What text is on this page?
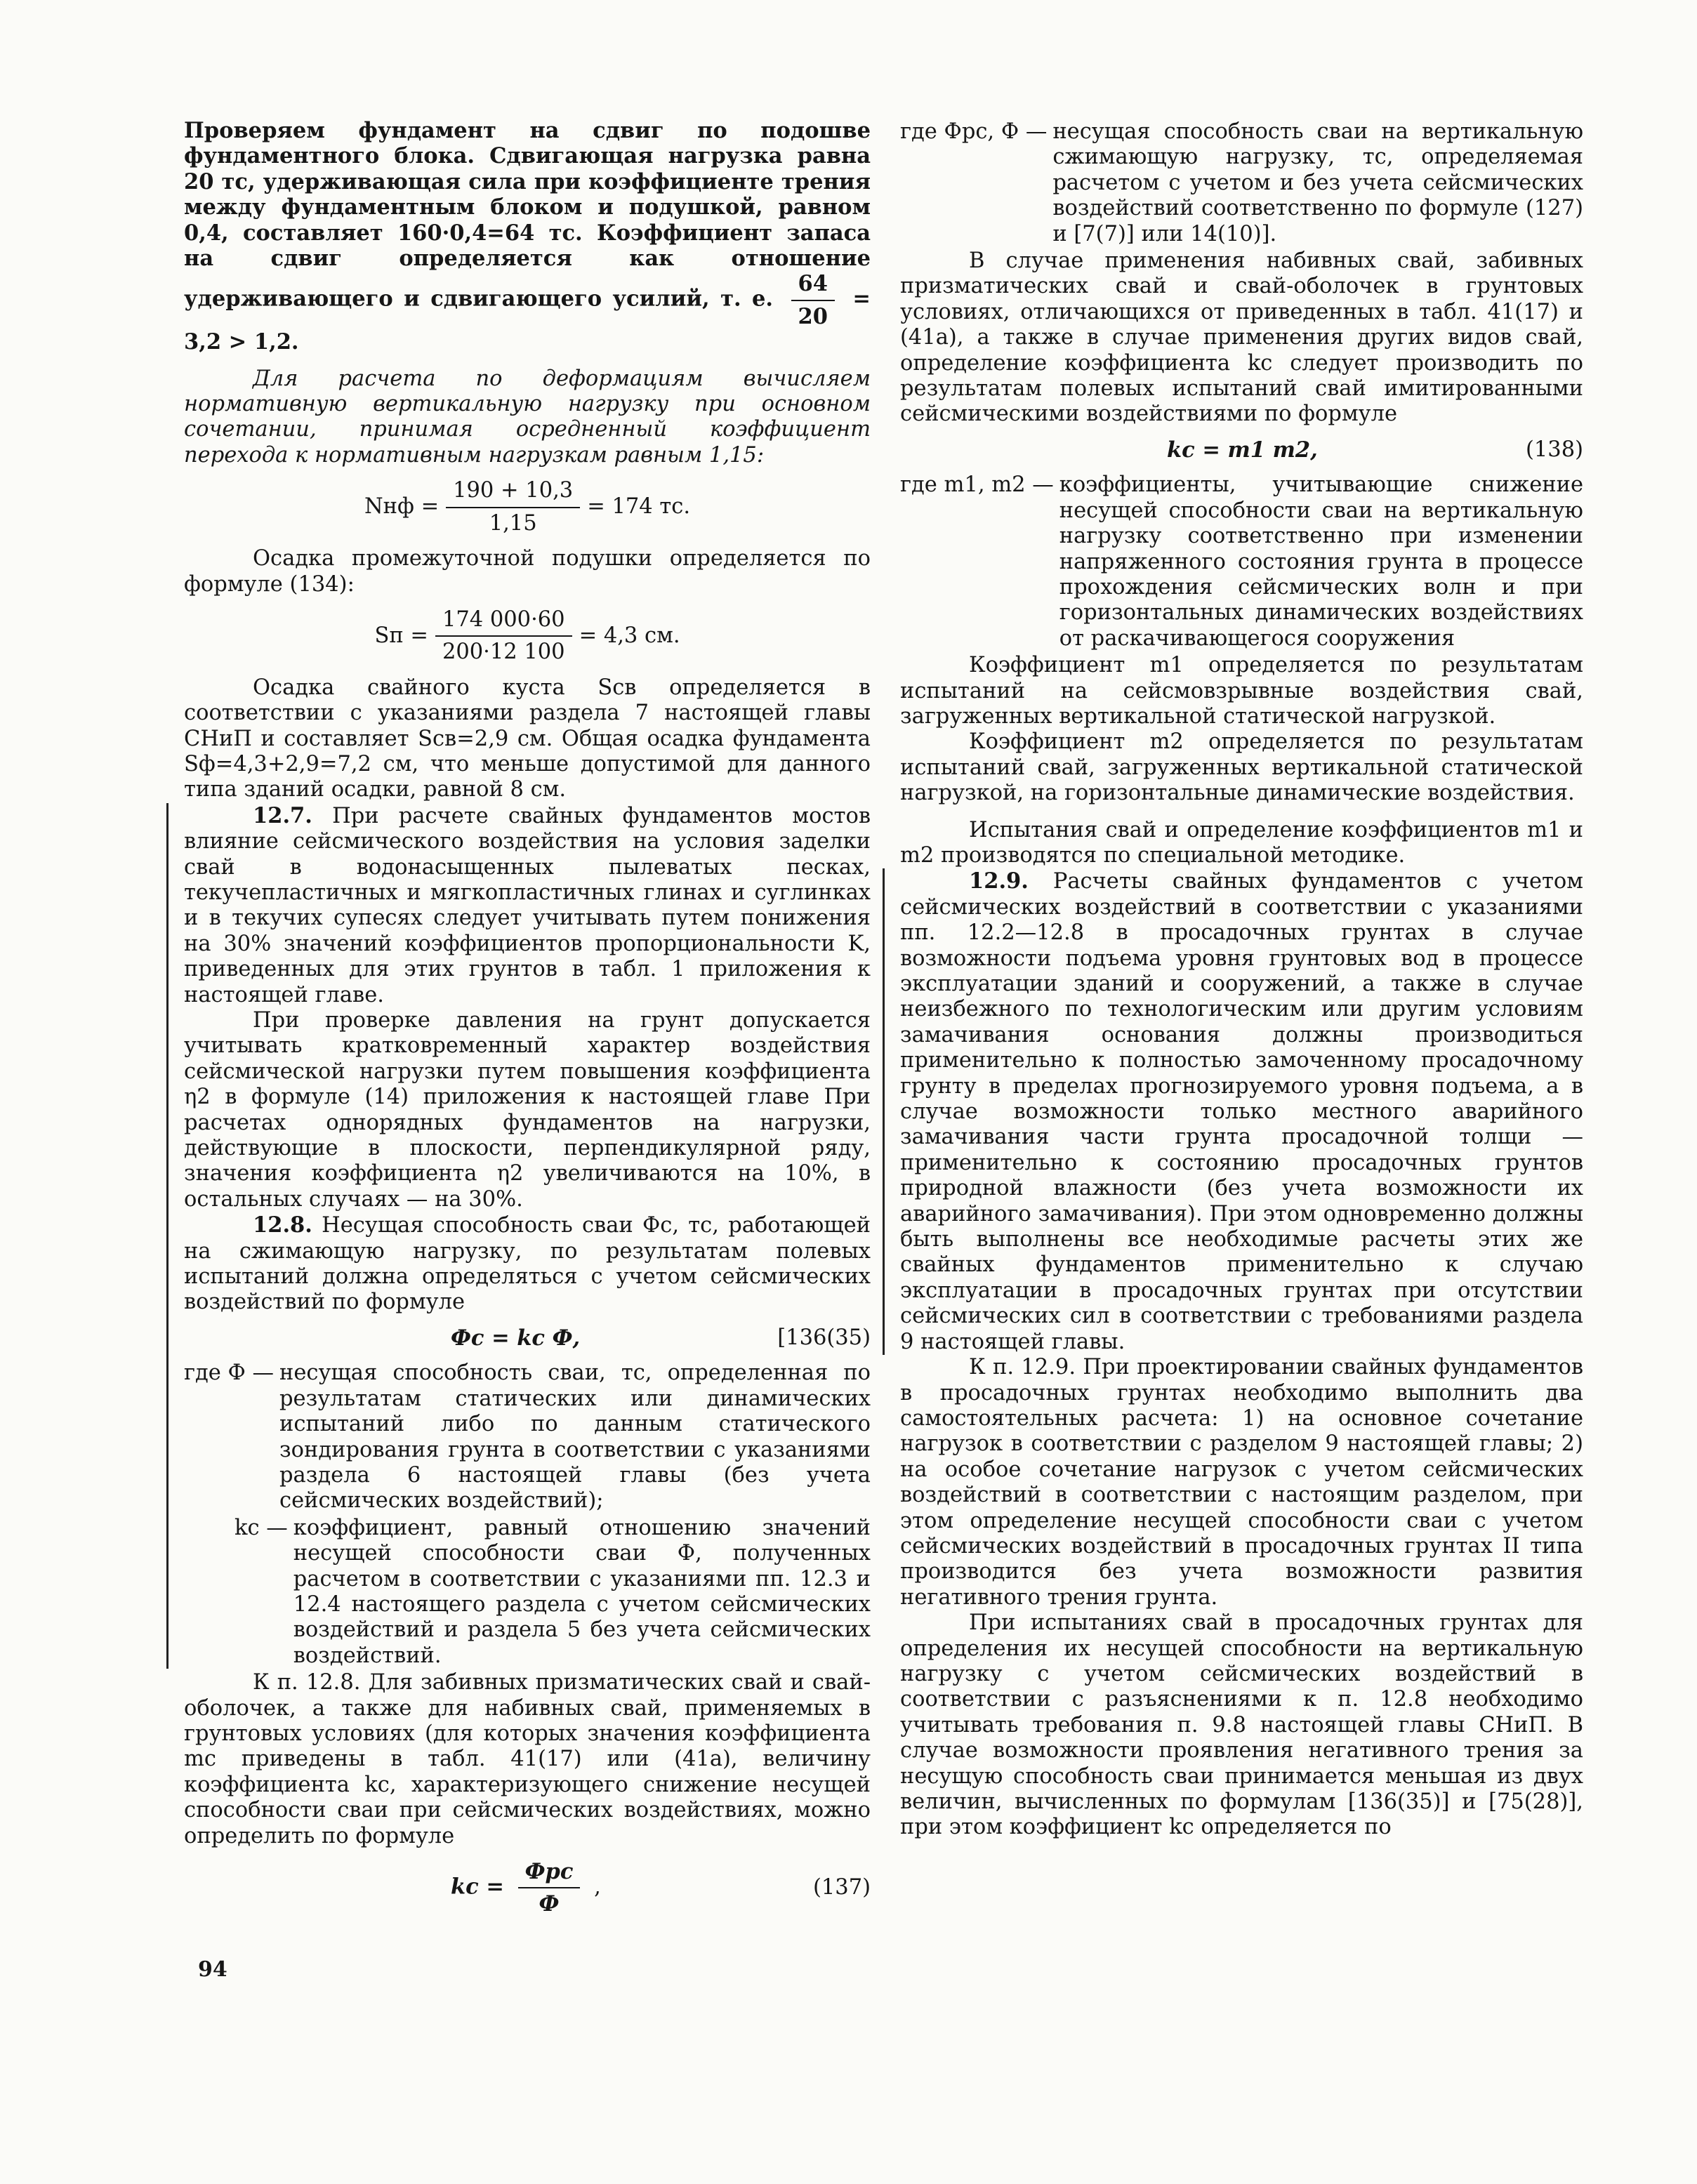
Проверяем фундамент на сдвиг по подошве фундаментного блока. Сдвигающая нагрузка равна 20 тс, удерживающая сила при коэффициенте трения между фундаментным блоком и подушкой, равном 0,4, составляет 160·0,4=64 тс. Коэффициент запаса на сдвиг определяется как отношение удерживающего и сдвигающего усилий, т. е. $\frac{64}{20} = 3,2 > 1,2$.

Для расчета по деформациям вычисляем нормативную вертикальную нагрузку при основном сочетании, принимая осредненный коэффициент перехода к нормативным нагрузкам равным 1,15:

Nнф = $\frac{190 + 10,3}{1,15} = 174$ тс.

Осадка промежуточной подушки определяется по формуле (134):

Sп = $\frac{174 000\cdot 60}{200\cdot 12 100} = 4,3$ см.

Осадка свайного куста Sсв определяется в соответствии с указаниями раздела 7 настоящей главы СНиП и составляет Sсв=2,9 см. Общая осадка фундамента Sф=4,3+2,9=7,2 см, что меньше допустимой для данного типа зданий осадки, равной 8 см.

12.7. При расчете свайных фундаментов мостов влияние сейсмического воздействия на условия заделки свай в водонасыщенных пылеватых песках, текучепластичных и мягкопластичных глинах и суглинках и в текучих супесях следует учитывать путем понижения на 30% значений коэффициентов пропорциональности K, приведенных для этих грунтов в табл. 1 приложения к настоящей главе.

При проверке давления на грунт допускается учитывать кратковременный характер воздействия сейсмической нагрузки путем повышения коэффициента η2 в формуле (14) приложения к настоящей главе При расчетах однорядных фундаментов на нагрузки, действующие в плоскости, перпендикулярной ряду, значения коэффициента η2 увеличиваются на 10%, в остальных случаях — на 30%.

12.8. Несущая способность сваи Фс, тс, работающей на сжимающую нагрузку, по результатам полевых испытаний должна определяться с учетом сейсмических воздействий по формуле

Фс = kс Ф,	[136(35)
где Ф — несущая способность сваи, тс, определенная по результатам статических или динамических испытаний либо по данным статического зондирования грунта в соответствии с указаниями раздела 6 настоящей главы (без учета сейсмических воздействий);
kс — коэффициент, равный отношению значений несущей способности сваи Ф, полученных расчетом в соответствии с указаниями пп. 12.3 и 12.4 настоящего раздела с учетом сейсмических воздействий и раздела 5 без учета сейсмических воздействий.

К п. 12.8. Для забивных призматических свай и свай-оболочек, а также для набивных свай, применяемых в грунтовых условиях (для которых значения коэффициента mс приведены в табл. 41(17) или (41а), величину коэффициента kс, характеризующего снижение несущей способности сваи при сейсмических воздействиях, можно определить по формуле

kс = $\frac{\text{Фрс}}{Ф}$ ,	(137)
где Фрс, Ф — несущая способность сваи на вертикальную сжимающую нагрузку, тс, определяемая расчетом с учетом и без учета сейсмических воздействий соответственно по формуле (127) и [7(7)] или 14(10)].

В случае применения набивных свай, забивных призматических свай и свай-оболочек в грунтовых условиях, отличающихся от приведенных в табл. 41(17) и (41а), а также в случае применения других видов свай, определение коэффициента kс следует производить по результатам полевых испытаний свай имитированными сейсмическими воздействиями по формуле

kс = m1 m2,	(138)
где m1, m2 — коэффициенты, учитывающие снижение несущей способности сваи на вертикальную нагрузку соответственно при изменении напряженного состояния грунта в процессе прохождения сейсмических волн и при горизонтальных динамических воздействиях от раскачивающегося сооружения

Коэффициент m1 определяется по результатам испытаний на сейсмовзрывные воздействия свай, загруженных вертикальной статической нагрузкой.

Коэффициент m2 определяется по результатам испытаний свай, загруженных вертикальной статической нагрузкой, на горизонтальные динамические воздействия.

Испытания свай и определение коэффициентов m1 и m2 производятся по специальной методике.

12.9. Расчеты свайных фундаментов с учетом сейсмических воздействий в соответствии с указаниями пп. 12.2—12.8 в просадочных грунтах в случае возможности подъема уровня грунтовых вод в процессе эксплуатации зданий и сооружений, а также в случае неизбежного по технологическим или другим условиям замачивания основания должны производиться применительно к полностью замоченному просадочному грунту в пределах прогнозируемого уровня подъема, а в случае возможности только местного аварийного замачивания части грунта просадочной толщи — применительно к состоянию просадочных грунтов природной влажности (без учета возможности их аварийного замачивания). При этом одновременно должны быть выполнены все необходимые расчеты этих же свайных фундаментов применительно к случаю эксплуатации в просадочных грунтах при отсутствии сейсмических сил в соответствии с требованиями раздела 9 настоящей главы.

К п. 12.9. При проектировании свайных фундаментов в просадочных грунтах необходимо выполнить два самостоятельных расчета: 1) на основное сочетание нагрузок в соответствии с разделом 9 настоящей главы; 2) на особое сочетание нагрузок с учетом сейсмических воздействий в соответствии с настоящим разделом, при этом определение несущей способности сваи с учетом сейсмических воздействий в просадочных грунтах II типа производится без учета возможности развития негативного трения грунта.

При испытаниях свай в просадочных грунтах для определения их несущей способности на вертикальную нагрузку с учетом сейсмических воздействий в соответствии с разъяснениями к п. 12.8 необходимо учитывать требования п. 9.8 настоящей главы СНиП. В случае возможности проявления негативного трения за несущую способность сваи принимается меньшая из двух величин, вычисленных по формулам [136(35)] и [75(28)], при этом коэффициент kс определяется по

94
